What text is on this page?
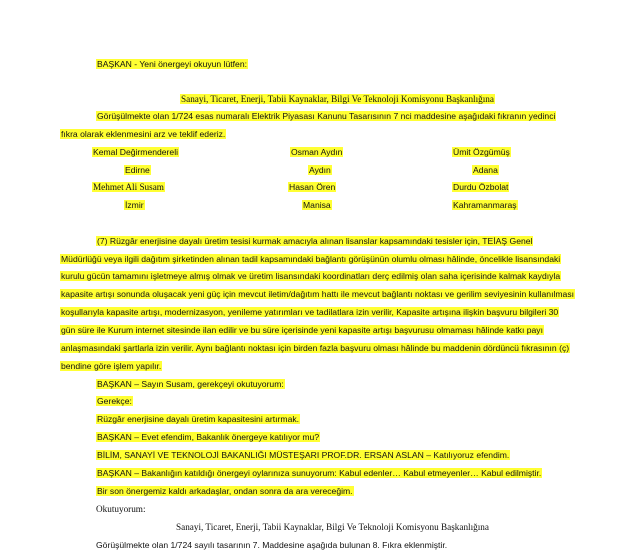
BAŞKAN - Yeni önergeyi okuyun lütfen:
Sanayi, Ticaret, Enerji, Tabii Kaynaklar, Bilgi Ve Teknoloji Komisyonu Başkanlığına
Görüşülmekte olan 1/724 esas numaralı Elektrik Piyasası Kanunu Tasarısının 7 nci maddesine aşağıdaki fıkranın yedinci
fıkra olarak eklenmesini arz ve teklif ederiz.
Kemal Değirmendereli	Osman Aydın	Ümit Özgümüş
Edirne	Aydın	Adana
Mehmet Ali Susam	Hasan Ören	Durdu Özbolat
İzmir	Manisa	Kahramanmaraş
(7) Rüzgâr enerjisine dayalı üretim tesisi kurmak amacıyla alınan lisanslar kapsamındaki tesisler için, TEİAŞ Genel
Müdürlüğü veya ilgili dağıtım şirketinden alınan tadil kapsamındaki bağlantı görüşünün olumlu olması hâlinde, öncelikle lisansındaki
kurulu gücün tamamını işletmeye almış olmak ve üretim lisansındaki koordinatları derç edilmiş olan saha içerisinde kalmak kaydıyla
kapasite artışı sonunda oluşacak yeni güç için mevcut iletim/dağıtım hattı ile mevcut bağlantı noktası ve gerilim seviyesinin kullanılması
koşullarıyla kapasite artışı, modernizasyon, yenileme yatırımları ve tadilatlara izin verilir, Kapasite artışına ilişkin başvuru bilgileri 30
gün süre ile Kurum internet sitesinde ilan edilir ve bu süre içerisinde yeni kapasite artışı başvurusu olmaması hâlinde katkı payı
anlaşmasındaki şartlarla izin verilir. Aynı bağlantı noktası için birden fazla başvuru olması hâlinde bu maddenin dördüncü fıkrasının (ç)
bendine göre işlem yapılır.
BAŞKAN – Sayın Susam, gerekçeyi okutuyorum:
Gerekçe:
Rüzgâr enerjisine dayalı üretim kapasitesini artırmak.
BAŞKAN – Evet efendim, Bakanlık önergeye katılıyor mu?
BİLİM, SANAYİ VE TEKNOLOJİ BAKANLIĞI MÜSTEŞARI PROF.DR. ERSAN ASLAN – Katılıyoruz efendim.
BAŞKAN – Bakanlığın katıldığı önergeyi oylarınıza sunuyorum: Kabul edenler… Kabul etmeyenler… Kabul edilmiştir.
Bir son önergemiz kaldı arkadaşlar, ondan sonra da ara vereceğim.
Okutuyorum:
Sanayi, Ticaret, Enerji, Tabii Kaynaklar, Bilgi Ve Teknoloji Komisyonu Başkanlığına
Görüşülmekte olan 1/724 sayılı tasarının 7. Maddesine aşağıda bulunan 8. Fıkra eklenmiştir.
